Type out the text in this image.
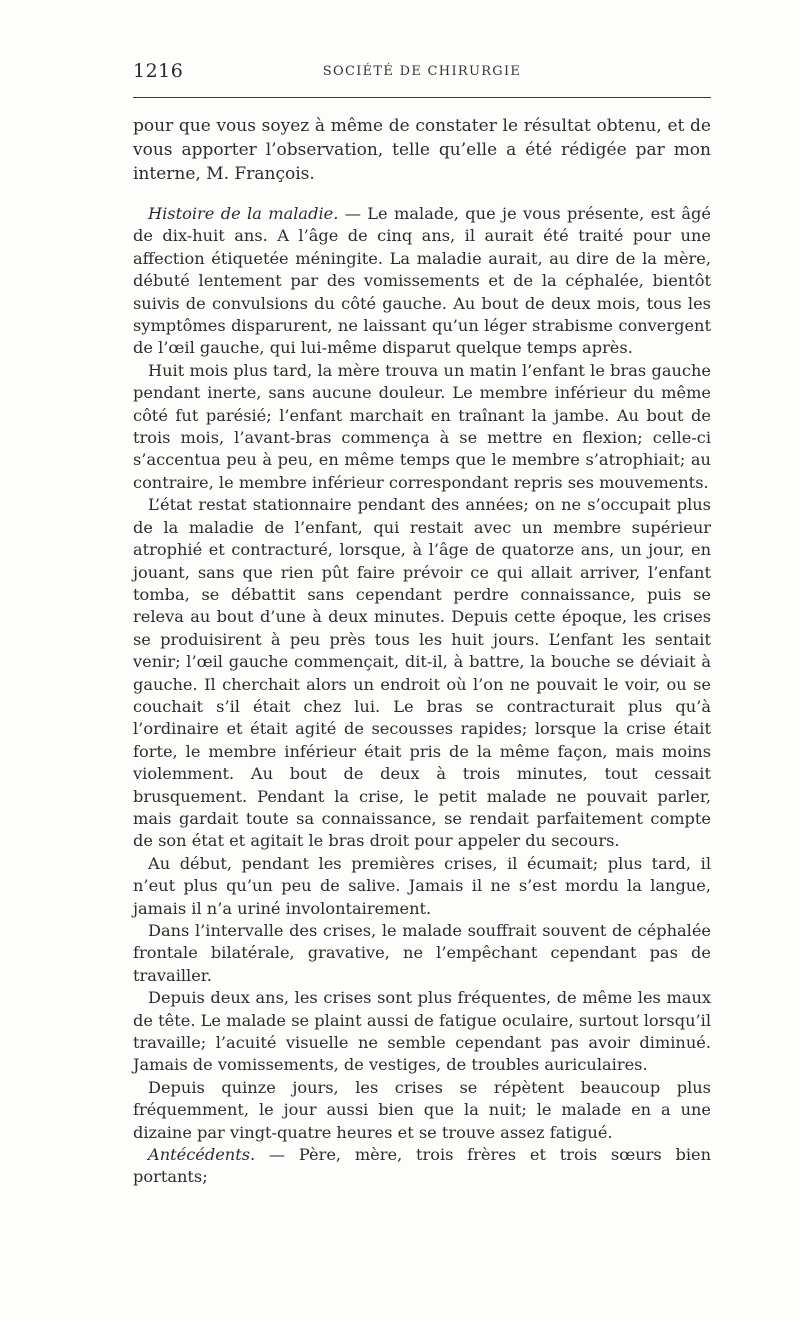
1216	SOCIÉTÉ DE CHIRURGIE

pour que vous soyez à même de constater le résultat obtenu, et de vous apporter l’observation, telle qu’elle a été rédigée par mon interne, M. François.

Histoire de la maladie. — Le malade, que je vous présente, est âgé de dix-huit ans. A l’âge de cinq ans, il aurait été traité pour une affection étiquetée méningite. La maladie aurait, au dire de la mère, débuté lentement par des vomissements et de la céphalée, bientôt suivis de convulsions du côté gauche. Au bout de deux mois, tous les symptômes disparurent, ne laissant qu’un léger strabisme convergent de l’œil gauche, qui lui-même disparut quelque temps après.

Huit mois plus tard, la mère trouva un matin l’enfant le bras gauche pendant inerte, sans aucune douleur. Le membre inférieur du même côté fut parésié; l’enfant marchait en traînant la jambe. Au bout de trois mois, l’avant-bras commença à se mettre en flexion; celle-ci s’accentua peu à peu, en même temps que le membre s’atrophiait; au contraire, le membre inférieur correspondant repris ses mouvements.

L’état restat stationnaire pendant des années; on ne s’occupait plus de la maladie de l’enfant, qui restait avec un membre supérieur atrophié et contracturé, lorsque, à l’âge de quatorze ans, un jour, en jouant, sans que rien pût faire prévoir ce qui allait arriver, l’enfant tomba, se débattit sans cependant perdre connaissance, puis se releva au bout d’une à deux minutes. Depuis cette époque, les crises se produisirent à peu près tous les huit jours. L’enfant les sentait venir; l’œil gauche commençait, dit-il, à battre, la bouche se déviait à gauche. Il cherchait alors un endroit où l’on ne pouvait le voir, ou se couchait s’il était chez lui. Le bras se contracturait plus qu’à l’ordinaire et était agité de secousses rapides; lorsque la crise était forte, le membre inférieur était pris de la même façon, mais moins violemment. Au bout de deux à trois minutes, tout cessait brusquement. Pendant la crise, le petit malade ne pouvait parler, mais gardait toute sa connaissance, se rendait parfaitement compte de son état et agitait le bras droit pour appeler du secours.

Au début, pendant les premières crises, il écumait; plus tard, il n’eut plus qu’un peu de salive. Jamais il ne s’est mordu la langue, jamais il n’a uriné involontairement.

Dans l’intervalle des crises, le malade souffrait souvent de céphalée frontale bilatérale, gravative, ne l’empêchant cependant pas de travailler.

Depuis deux ans, les crises sont plus fréquentes, de même les maux de tête. Le malade se plaint aussi de fatigue oculaire, surtout lorsqu’il travaille; l’acuité visuelle ne semble cependant pas avoir diminué. Jamais de vomissements, de vestiges, de troubles auriculaires.

Depuis quinze jours, les crises se répètent beaucoup plus fréquemment, le jour aussi bien que la nuit; le malade en a une dizaine par vingt-quatre heures et se trouve assez fatigué.

Antécédents. — Père, mère, trois frères et trois sœurs bien portants;
